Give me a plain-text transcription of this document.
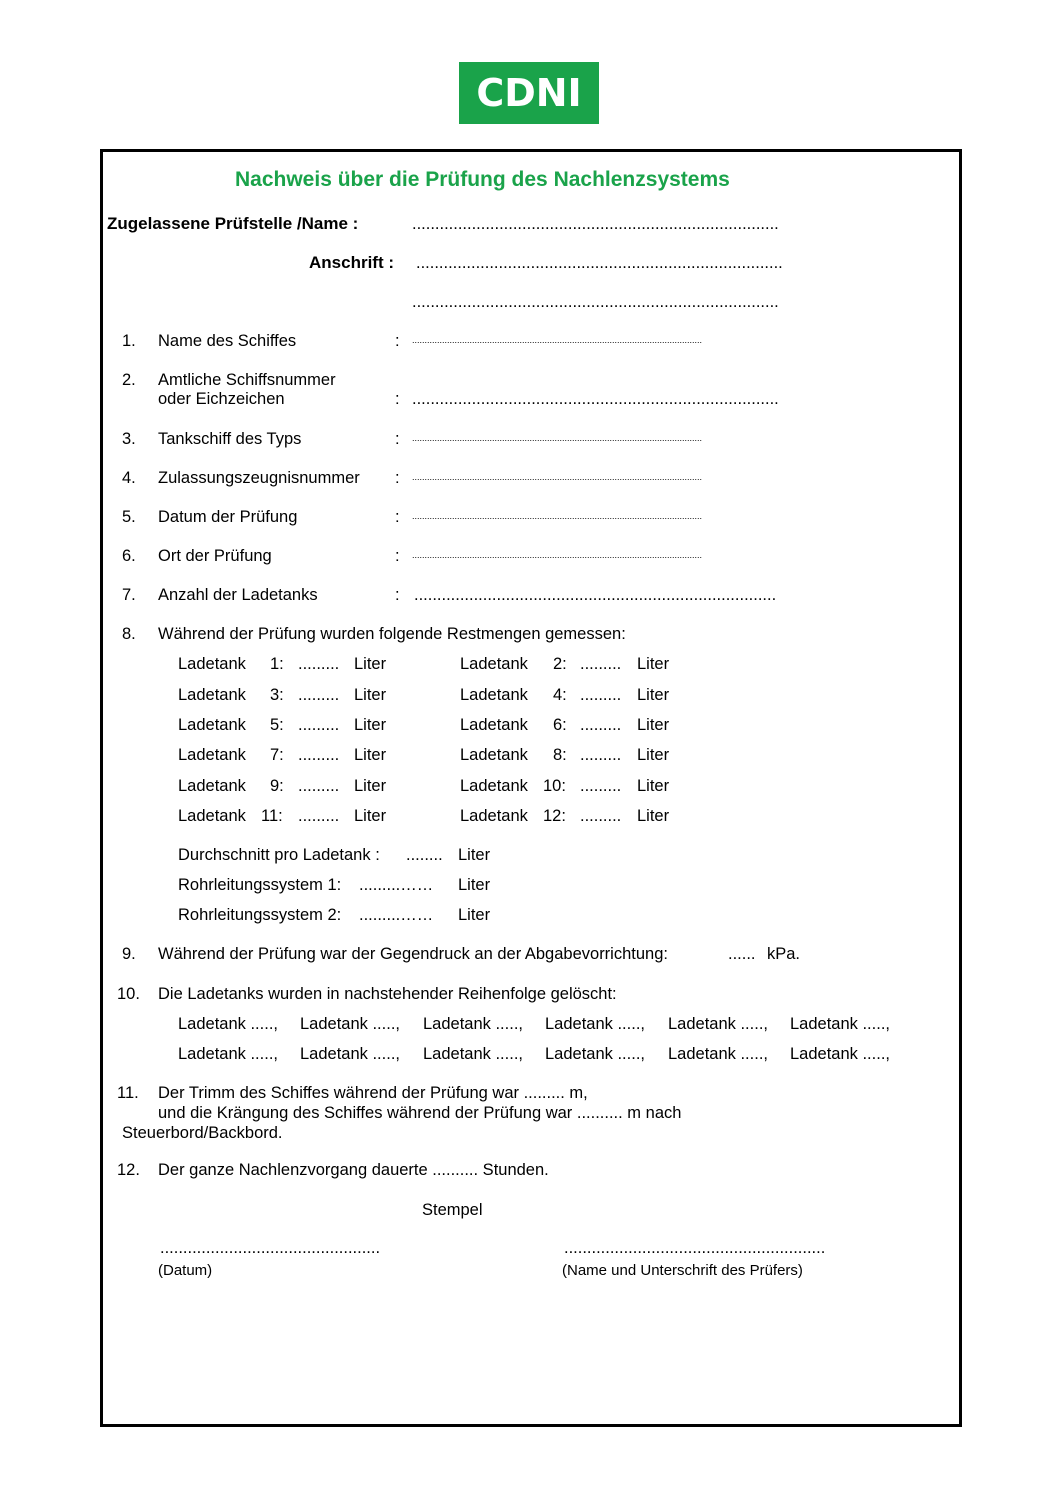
CDNI
Nachweis über die Prüfung des Nachlenzsystems
Zugelassene Prüfstelle /Name :	................................................................................
Anschrift : ................................................................................
................................................................................
1. Name des Schiffes	: ....................................................................................................................
2. Amtliche Schiffsnummer
oder Eichzeichen	: ................................................................................
3. Tankschiff des Typs	: ....................................................................................................................
4. Zulassungszeugnisnummer : ....................................................................................................................
5. Datum der Prüfung	: ....................................................................................................................
6. Ort der Prüfung	: ....................................................................................................................
7. Anzahl der Ladetanks	: ...............................................................................
8. Während der Prüfung wurden folgende Restmengen gemessen:
Ladetank 1: ......... Liter	Ladetank 2: ......... Liter
Ladetank 3: ......... Liter	Ladetank 4: ......... Liter
Ladetank 5: ......... Liter	Ladetank 6: ......... Liter
Ladetank 7: ......... Liter	Ladetank 8: ......... Liter
Ladetank 9: ......... Liter	Ladetank 10: ......... Liter
Ladetank 11: ......... Liter	Ladetank 12: ......... Liter
Durchschnitt pro Ladetank : ........ Liter
Rohrleitungssystem 1: .........…… Liter
Rohrleitungssystem 2: .........…… Liter
9. Während der Prüfung war der Gegendruck an der Abgabevorrichtung:	...... kPa.
10. Die Ladetanks wurden in nachstehender Reihenfolge gelöscht:
Ladetank ....., Ladetank ....., Ladetank ....., Ladetank ....., Ladetank ....., Ladetank .....,
Ladetank ....., Ladetank ....., Ladetank ....., Ladetank ....., Ladetank ....., Ladetank .....,
11. Der Trimm des Schiffes während der Prüfung war ......... m,
und die Krängung des Schiffes während der Prüfung war .......... m nach
Steuerbord/Backbord.
12. Der ganze Nachlenzvorgang dauerte .......... Stunden.
Stempel
................................................
(Datum)
.........................................................
(Name und Unterschrift des Prüfers)
